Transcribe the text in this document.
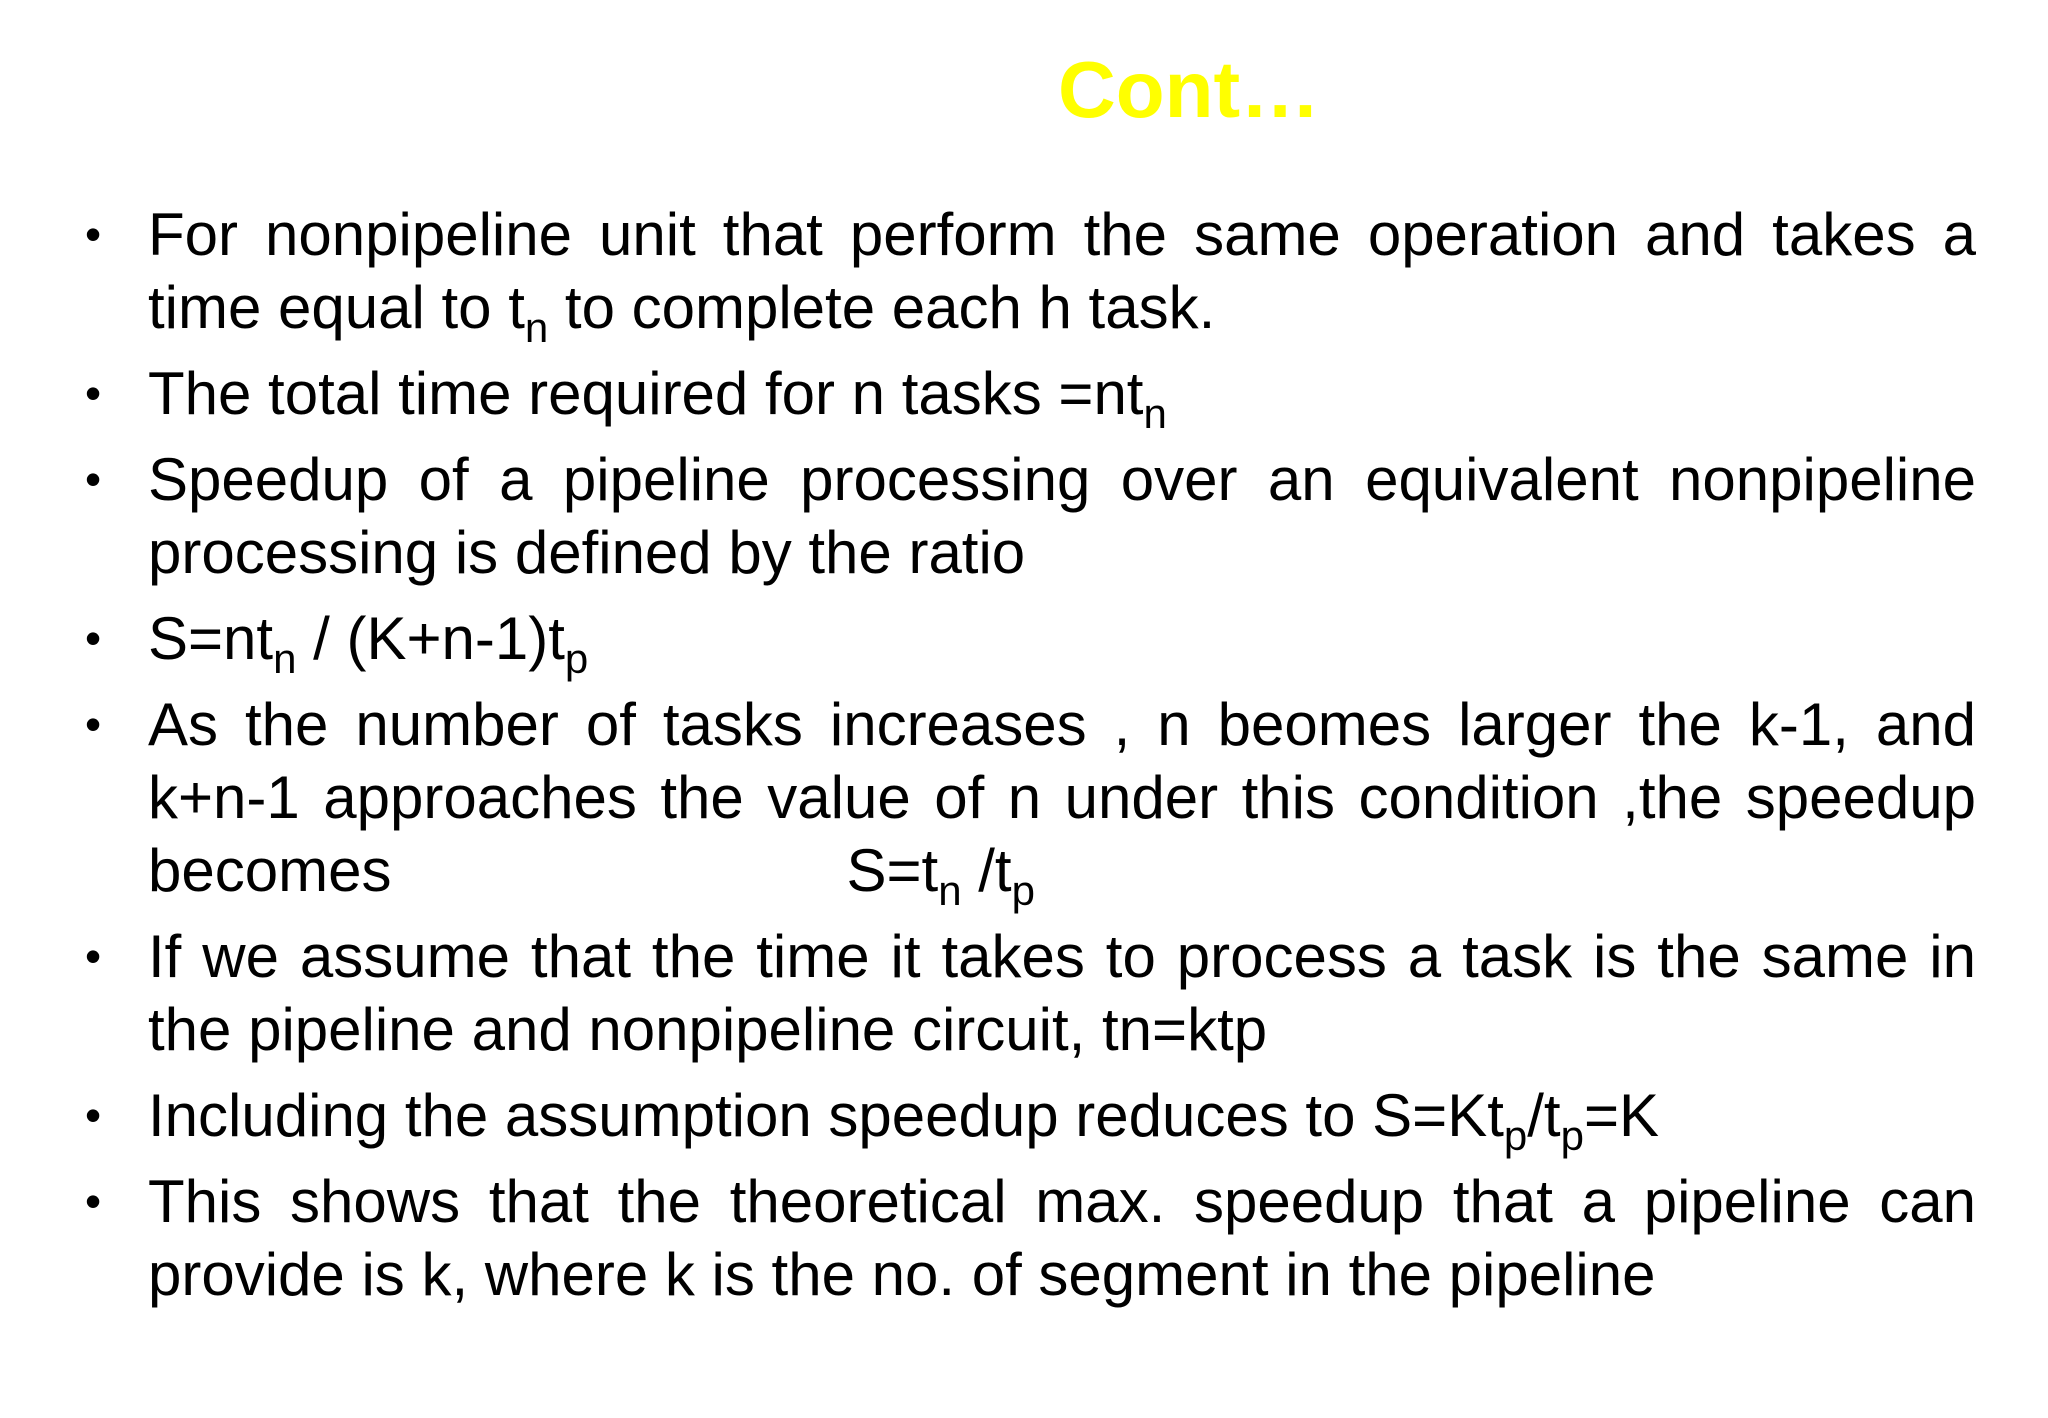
Cont…
• For nonpipeline unit that perform the same operation and takes a time equal to $t_n$ to complete each h task.
• The total time required for n tasks $=nt_n$
• Speedup of a pipeline processing over an equivalent nonpipeline processing is defined by the ratio
• $S=nt_n / (K+n-1)t_p$
• As the number of tasks increases , n beomes larger the k-1, and k+n-1 approaches the value of n under this condition ,the speedup becomes	$S=t_n$ $/t_p$
• If we assume that the time it takes to process a task is the same in the pipeline and nonpipeline circuit, tn=ktp
• Including the assumption speedup reduces to $S=Kt_p/t_p=K$
• This shows that the theoretical max. speedup that a pipeline can provide is k, where k is the no. of segment in the pipeline
